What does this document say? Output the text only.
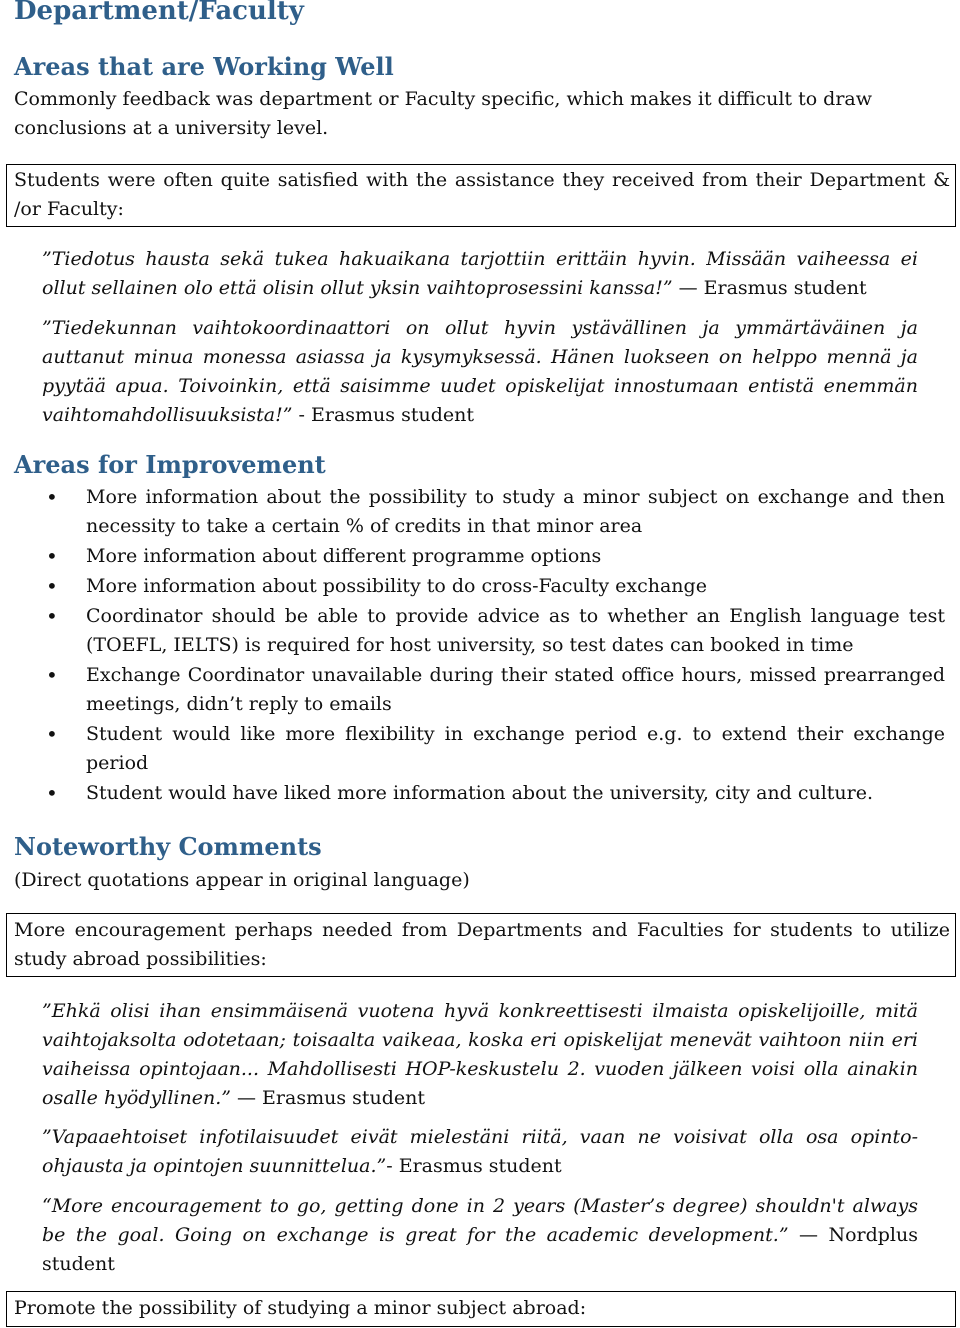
Department/Faculty
Areas that are Working Well
Commonly feedback was department or Faculty specific, which makes it difficult to draw conclusions at a university level.
Students were often quite satisfied with the assistance they received from their Department & /or Faculty:
”Tiedotus hausta sekä tukea hakuaikana tarjottiin erittäin hyvin. Missään vaiheessa ei ollut sellainen olo että olisin ollut yksin vaihtoprosessini kanssa!” — Erasmus student
”Tiedekunnan vaihtokoordinaattori on ollut hyvin ystävällinen ja ymmärtäväinen ja auttanut minua monessa asiassa ja kysymyksessä. Hänen luokseen on helppo mennä ja pyytää apua. Toivoinkin, että saisimme uudet opiskelijat innostumaan entistä enemmän vaihtomahdollisuuksista!” - Erasmus student
Areas for Improvement
• More information about the possibility to study a minor subject on exchange and then necessity to take a certain % of credits in that minor area
• More information about different programme options
• More information about possibility to do cross-Faculty exchange
• Coordinator should be able to provide advice as to whether an English language test (TOEFL, IELTS) is required for host university, so test dates can booked in time
• Exchange Coordinator unavailable during their stated office hours, missed prearranged meetings, didn’t reply to emails
• Student would like more flexibility in exchange period e.g. to extend their exchange period
• Student would have liked more information about the university, city and culture.
Noteworthy Comments
(Direct quotations appear in original language)
More encouragement perhaps needed from Departments and Faculties for students to utilize study abroad possibilities:
”Ehkä olisi ihan ensimmäisenä vuotena hyvä konkreettisesti ilmaista opiskelijoille, mitä vaihtojaksolta odotetaan; toisaalta vaikeaa, koska eri opiskelijat menevät vaihtoon niin eri vaiheissa opintojaan... Mahdollisesti HOP-keskustelu 2. vuoden jälkeen voisi olla ainakin osalle hyödyllinen.” — Erasmus student
”Vapaaehtoiset infotilaisuudet eivät mielestäni riitä, vaan ne voisivat olla osa opinto-ohjausta ja opintojen suunnittelua.”- Erasmus student
“More encouragement to go, getting done in 2 years (Master’s degree) shouldn't always be the goal. Going on exchange is great for the academic development.” — Nordplus student
Promote the possibility of studying a minor subject abroad:
